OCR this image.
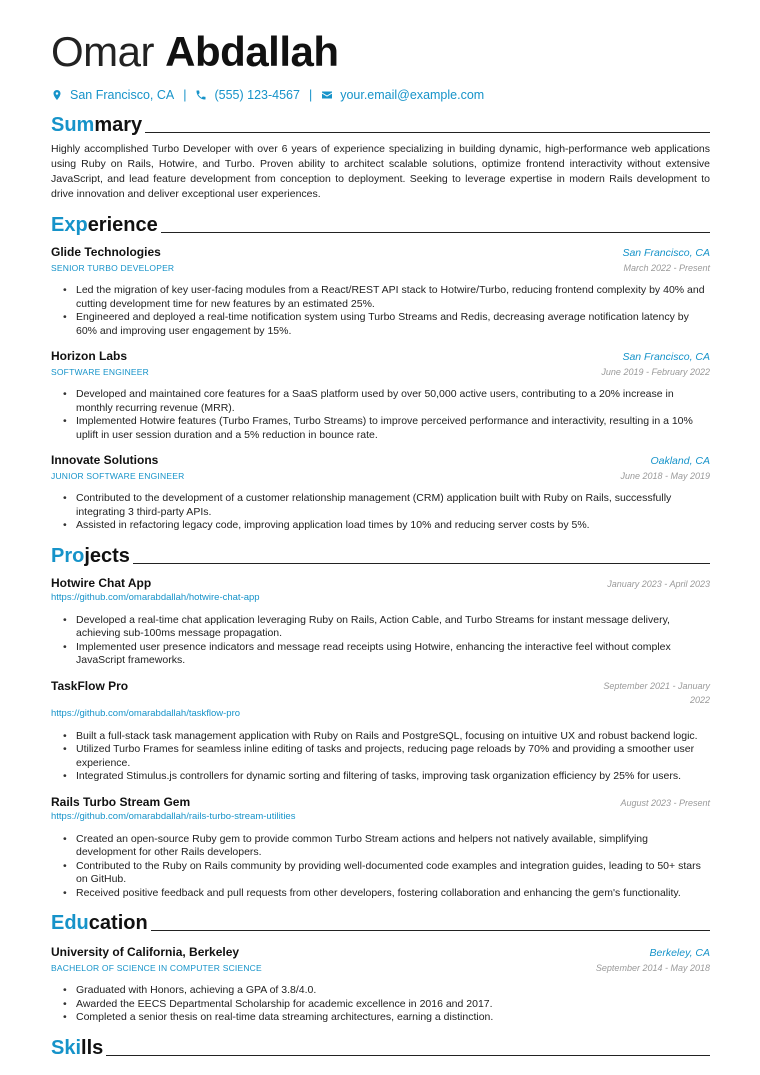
Omar Abdallah
San Francisco, CA | (555) 123-4567 | your.email@example.com
Summary

Highly accomplished Turbo Developer with over 6 years of experience specializing in building dynamic, high-performance web applications using Ruby on Rails, Hotwire, and Turbo. Proven ability to architect scalable solutions, optimize frontend interactivity without extensive JavaScript, and lead feature development from conception to deployment. Seeking to leverage expertise in modern Rails development to drive innovation and deliver exceptional user experiences.

Experience
Glide Technologies	San Francisco, CA
SENIOR TURBO DEVELOPER	March 2022 - Present
• Led the migration of key user-facing modules from a React/REST API stack to Hotwire/Turbo, reducing frontend complexity by 40% and cutting development time for new features by an estimated 25%.
• Engineered and deployed a real-time notification system using Turbo Streams and Redis, decreasing average notification latency by 60% and improving user engagement by 15%.
Horizon Labs	San Francisco, CA
SOFTWARE ENGINEER	June 2019 - February 2022
• Developed and maintained core features for a SaaS platform used by over 50,000 active users, contributing to a 20% increase in monthly recurring revenue (MRR).
• Implemented Hotwire features (Turbo Frames, Turbo Streams) to improve perceived performance and interactivity, resulting in a 10% uplift in user session duration and a 5% reduction in bounce rate.
Innovate Solutions	Oakland, CA
JUNIOR SOFTWARE ENGINEER	June 2018 - May 2019
• Contributed to the development of a customer relationship management (CRM) application built with Ruby on Rails, successfully integrating 3 third-party APIs.
• Assisted in refactoring legacy code, improving application load times by 10% and reducing server costs by 5%.
Projects
Hotwire Chat App	January 2023 - April 2023
https://github.com/omarabdallah/hotwire-chat-app
• Developed a real-time chat application leveraging Ruby on Rails, Action Cable, and Turbo Streams for instant message delivery, achieving sub-100ms message propagation.
• Implemented user presence indicators and message read receipts using Hotwire, enhancing the interactive feel without complex JavaScript frameworks.
TaskFlow Pro	September 2021 - January 2022
https://github.com/omarabdallah/taskflow-pro
• Built a full-stack task management application with Ruby on Rails and PostgreSQL, focusing on intuitive UX and robust backend logic.
• Utilized Turbo Frames for seamless inline editing of tasks and projects, reducing page reloads by 70% and providing a smoother user experience.
• Integrated Stimulus.js controllers for dynamic sorting and filtering of tasks, improving task organization efficiency by 25% for users.
Rails Turbo Stream Gem	August 2023 - Present
https://github.com/omarabdallah/rails-turbo-stream-utilities
• Created an open-source Ruby gem to provide common Turbo Stream actions and helpers not natively available, simplifying development for other Rails developers.
• Contributed to the Ruby on Rails community by providing well-documented code examples and integration guides, leading to 50+ stars on GitHub.
• Received positive feedback and pull requests from other developers, fostering collaboration and enhancing the gem's functionality.
Education
University of California, Berkeley	Berkeley, CA
BACHELOR OF SCIENCE IN COMPUTER SCIENCE	September 2014 - May 2018
• Graduated with Honors, achieving a GPA of 3.8/4.0.
• Awarded the EECS Departmental Scholarship for academic excellence in 2016 and 2017.
• Completed a senior thesis on real-time data streaming architectures, earning a distinction.
Skills
